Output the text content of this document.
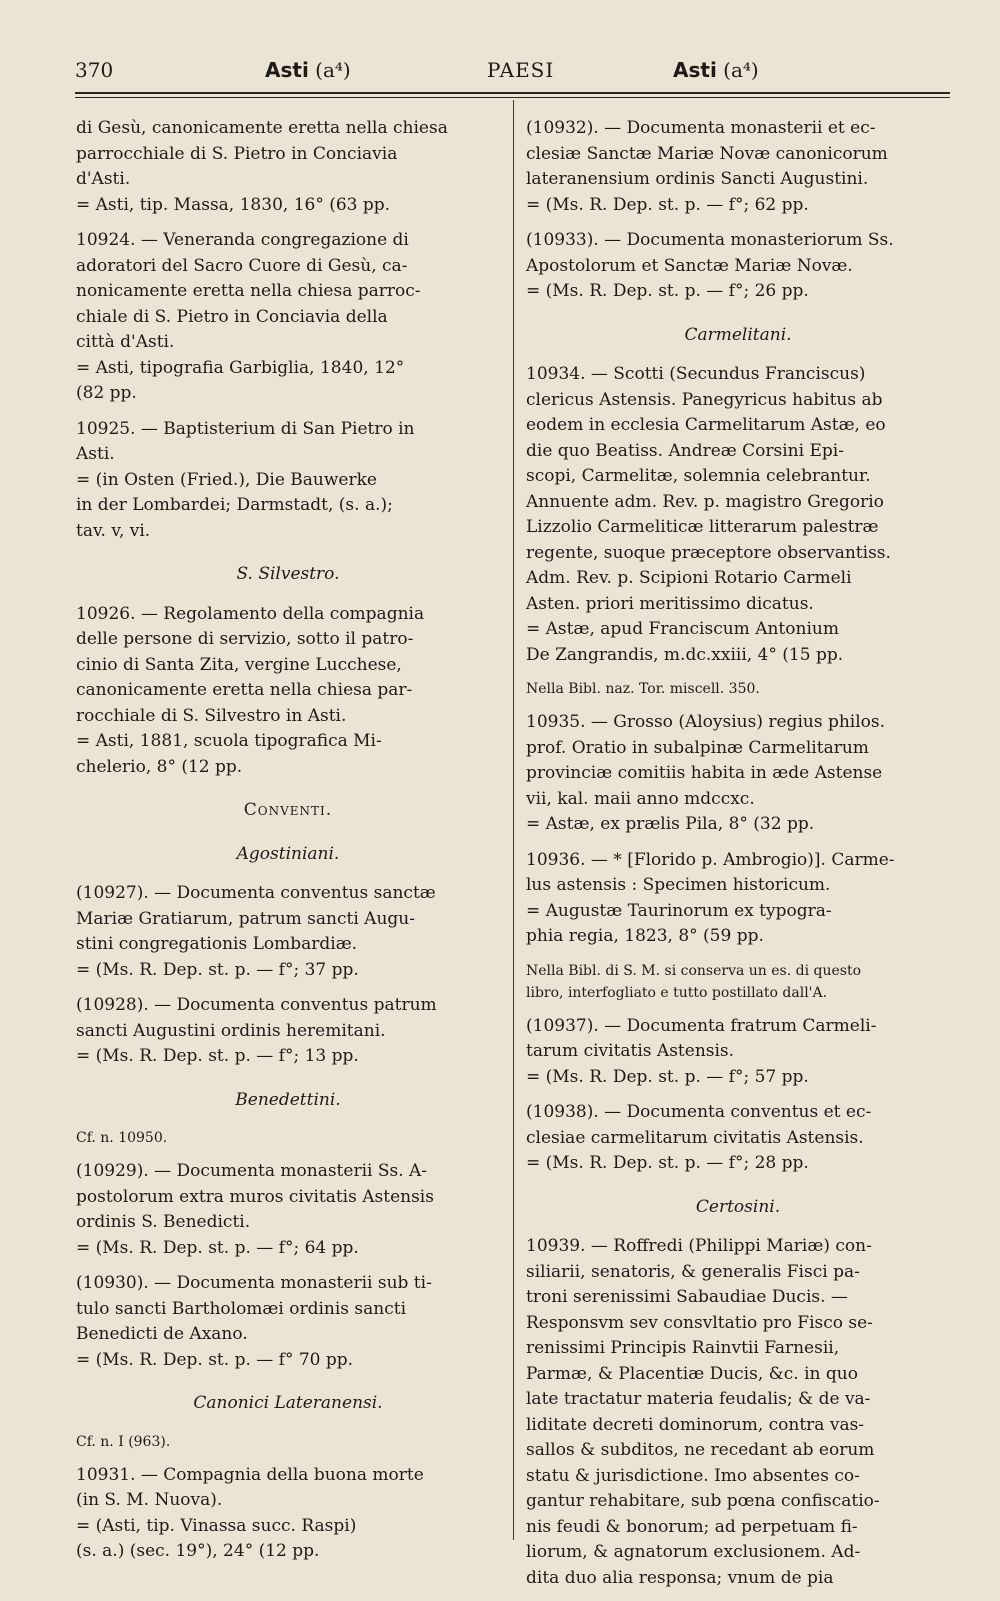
370	Asti (a⁴)	PAESI	Asti (a⁴)
di Gesù, canonicamente eretta nella chiesa
parrocchiale di S. Pietro in Conciavia
d'Asti.
= Asti, tip. Massa, 1830, 16° (63 pp.
10924. — Veneranda congregazione di
adoratori del Sacro Cuore di Gesù, ca-
nonicamente eretta nella chiesa parroc-
chiale di S. Pietro in Conciavia della
città d'Asti.
= Asti, tipografia Garbiglia, 1840, 12°
(82 pp.
10925. — Baptisterium di San Pietro in
Asti.
= (in Osten (Fried.), Die Bauwerke
in der Lombardei; Darmstadt, (s. a.);
tav. v, vi.
S. Silvestro.
10926. — Regolamento della compagnia
delle persone di servizio, sotto il patro-
cinio di Santa Zita, vergine Lucchese,
canonicamente eretta nella chiesa par-
rocchiale di S. Silvestro in Asti.
= Asti, 1881, scuola tipografica Mi-
chelerio, 8° (12 pp.
Conventi.
Agostiniani.
(10927). — Documenta conventus sanctæ
Mariæ Gratiarum, patrum sancti Augu-
stini congregationis Lombardiæ.
= (Ms. R. Dep. st. p. — f°; 37 pp.
(10928). — Documenta conventus patrum
sancti Augustini ordinis heremitani.
= (Ms. R. Dep. st. p. — f°; 13 pp.
Benedettini.
Cf. n. 10950.
(10929). — Documenta monasterii Ss. A-
postolorum extra muros civitatis Astensis
ordinis S. Benedicti.
= (Ms. R. Dep. st. p. — f°; 64 pp.
(10930). — Documenta monasterii sub ti-
tulo sancti Bartholomæi ordinis sancti
Benedicti de Axano.
= (Ms. R. Dep. st. p. — f° 70 pp.
Canonici Lateranensi.
Cf. n. I (963).
10931. — Compagnia della buona morte
(in S. M. Nuova).
= (Asti, tip. Vinassa succ. Raspi)
(s. a.) (sec. 19°), 24° (12 pp.
(10932). — Documenta monasterii et ec-
clesiæ Sanctæ Mariæ Novæ canonicorum
lateranensium ordinis Sancti Augustini.
= (Ms. R. Dep. st. p. — f°; 62 pp.
(10933). — Documenta monasteriorum Ss.
Apostolorum et Sanctæ Mariæ Novæ.
= (Ms. R. Dep. st. p. — f°; 26 pp.
Carmelitani.
10934. — Scotti (Secundus Franciscus)
clericus Astensis. Panegyricus habitus ab
eodem in ecclesia Carmelitarum Astæ, eo
die quo Beatiss. Andreæ Corsini Epi-
scopi, Carmelitæ, solemnia celebrantur.
Annuente adm. Rev. p. magistro Gregorio
Lizzolio Carmeliticæ litterarum palestræ
regente, suoque præceptore observantiss.
Adm. Rev. p. Scipioni Rotario Carmeli
Asten. priori meritissimo dicatus.
= Astæ, apud Franciscum Antonium
De Zangrandis, m.dc.xxiii, 4° (15 pp.
Nella Bibl. naz. Tor. miscell. 350.
10935. — Grosso (Aloysius) regius philos.
prof. Oratio in subalpinæ Carmelitarum
provinciæ comitiis habita in æde Astense
vii, kal. maii anno mdccxc.
= Astæ, ex prælis Pila, 8° (32 pp.
10936. — * [Florido p. Ambrogio)]. Carme-
lus astensis : Specimen historicum.
= Augustæ Taurinorum ex typogra-
phia regia, 1823, 8° (59 pp.
Nella Bibl. di S. M. si conserva un es. di questo
libro, interfogliato e tutto postillato dall'A.
(10937). — Documenta fratrum Carmeli-
tarum civitatis Astensis.
= (Ms. R. Dep. st. p. — f°; 57 pp.
(10938). — Documenta conventus et ec-
clesiae carmelitarum civitatis Astensis.
= (Ms. R. Dep. st. p. — f°; 28 pp.
Certosini.
10939. — Roffredi (Philippi Mariæ) con-
siliarii, senatoris, & generalis Fisci pa-
troni serenissimi Sabaudiae Ducis. —
Responsvm sev consvltatio pro Fisco se-
renissimi Principis Rainvtii Farnesii,
Parmæ, & Placentiæ Ducis, &c. in quo
late tractatur materia feudalis; & de va-
liditate decreti dominorum, contra vas-
sallos & subditos, ne recedant ab eorum
statu & jurisdictione. Imo absentes co-
gantur rehabitare, sub pœna confiscatio-
nis feudi & bonorum; ad perpetuam fi-
liorum, & agnatorum exclusionem. Ad-
dita duo alia responsa; vnum de pia
